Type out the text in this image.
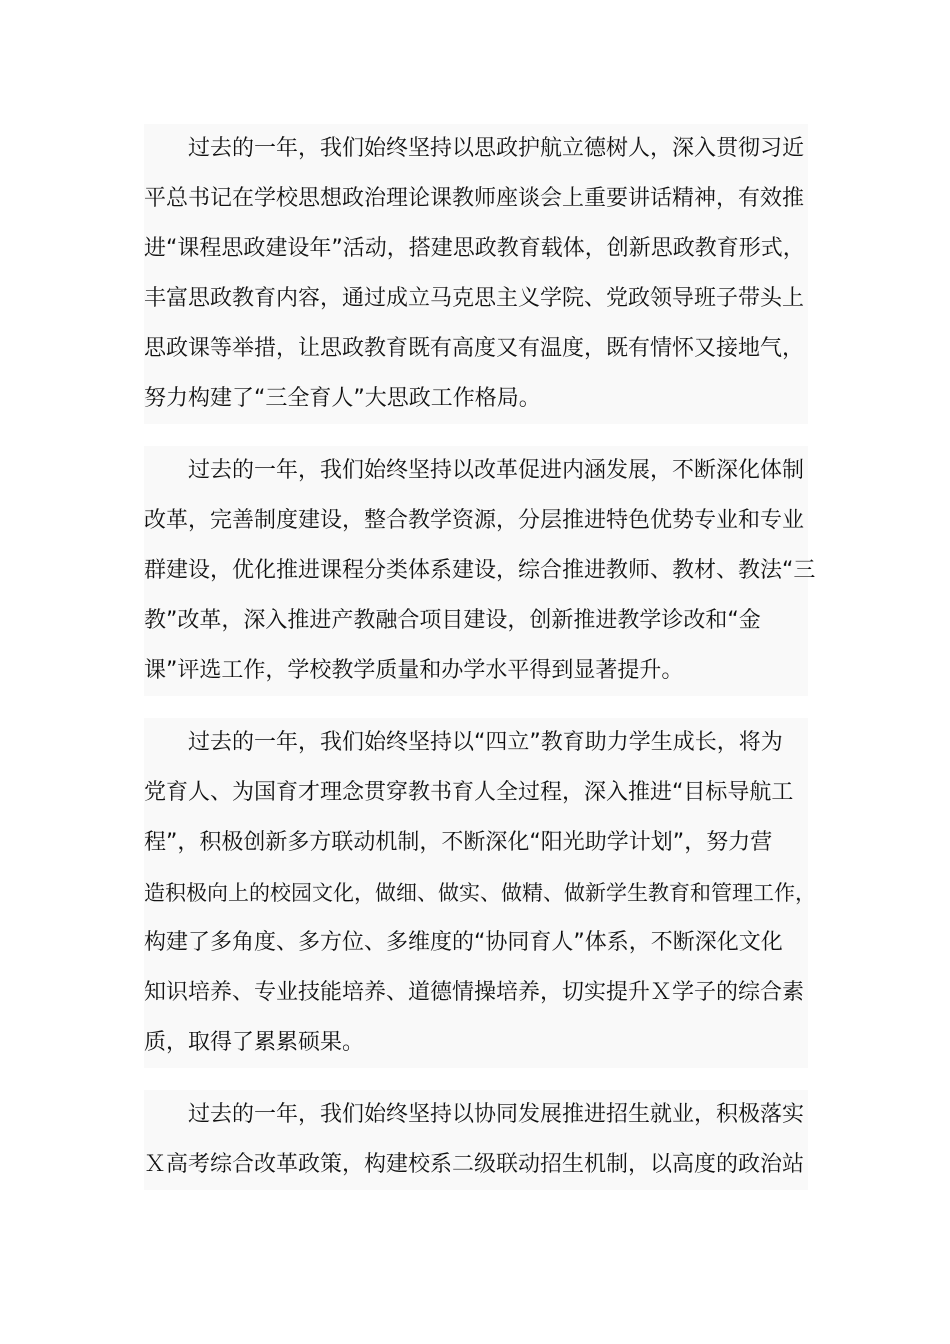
　　过去的一年，我们始终坚持以思政护航立德树人，深入贯彻习近
平总书记在学校思想政治理论课教师座谈会上重要讲话精神，有效推
进“课程思政建设年”活动，搭建思政教育载体，创新思政教育形式，
丰富思政教育内容，通过成立马克思主义学院、党政领导班子带头上
思政课等举措，让思政教育既有高度又有温度，既有情怀又接地气，
努力构建了“三全育人”大思政工作格局。
　　过去的一年，我们始终坚持以改革促进内涵发展，不断深化体制
改革，完善制度建设，整合教学资源，分层推进特色优势专业和专业
群建设，优化推进课程分类体系建设，综合推进教师、教材、教法“三
教”改革，深入推进产教融合项目建设，创新推进教学诊改和“金
课”评选工作，学校教学质量和办学水平得到显著提升。
　　过去的一年，我们始终坚持以“四立”教育助力学生成长，将为
党育人、为国育才理念贯穿教书育人全过程，深入推进“目标导航工
程”，积极创新多方联动机制，不断深化“阳光助学计划”，努力营
造积极向上的校园文化，做细、做实、做精、做新学生教育和管理工作，
构建了多角度、多方位、多维度的“协同育人”体系，不断深化文化
知识培养、专业技能培养、道德情操培养，切实提升Ｘ学子的综合素
质，取得了累累硕果。
　　过去的一年，我们始终坚持以协同发展推进招生就业，积极落实
Ｘ高考综合改革政策，构建校系二级联动招生机制，以高度的政治站
